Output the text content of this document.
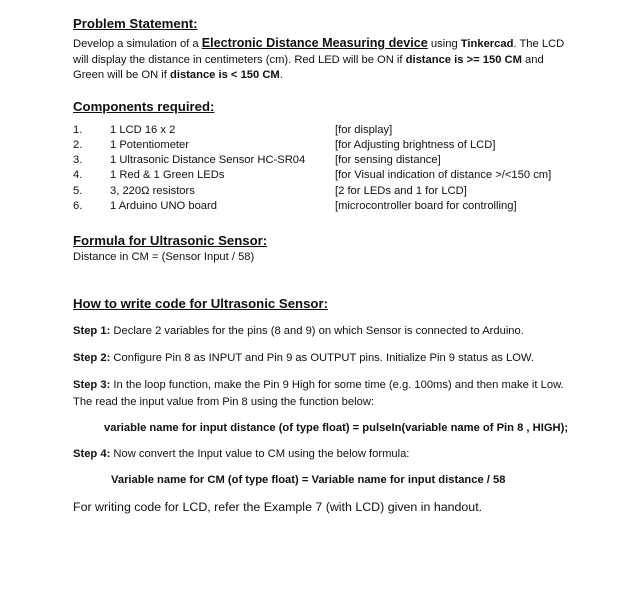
Problem Statement:

Develop a simulation of a Electronic Distance Measuring device using Tinkercad. The LCD will display the distance in centimeters (cm). Red LED will be ON if distance is >= 150 CM and Green will be ON if distance is < 150 CM.

Components required:
1. 1 LCD 16 x 2	[for display]
2. 1 Potentiometer	[for Adjusting brightness of LCD]
3. 1 Ultrasonic Distance Sensor HC-SR04	[for sensing distance]
4. 1 Red & 1 Green LEDs	[for Visual indication of distance >/<150 cm]
5. 3, 220Ω resistors	[2 for LEDs and 1 for LCD]
6. 1 Arduino UNO board	[microcontroller board for controlling]
Formula for Ultrasonic Sensor:

Distance in CM = (Sensor Input / 58)

How to write code for Ultrasonic Sensor:

Step 1: Declare 2 variables for the pins (8 and 9) on which Sensor is connected to Arduino.

Step 2: Configure Pin 8 as INPUT and Pin 9 as OUTPUT pins. Initialize Pin 9 status as LOW.

Step 3: In the loop function, make the Pin 9 High for some time (e.g. 100ms) and then make it Low. The read the input value from Pin 8 using the function below:

variable name for input distance (of type float) = pulseIn(variable name of Pin 8 , HIGH);

Step 4: Now convert the Input value to CM using the below formula:

Variable name for CM (of type float) = Variable name for input distance / 58

For writing code for LCD, refer the Example 7 (with LCD) given in handout.
